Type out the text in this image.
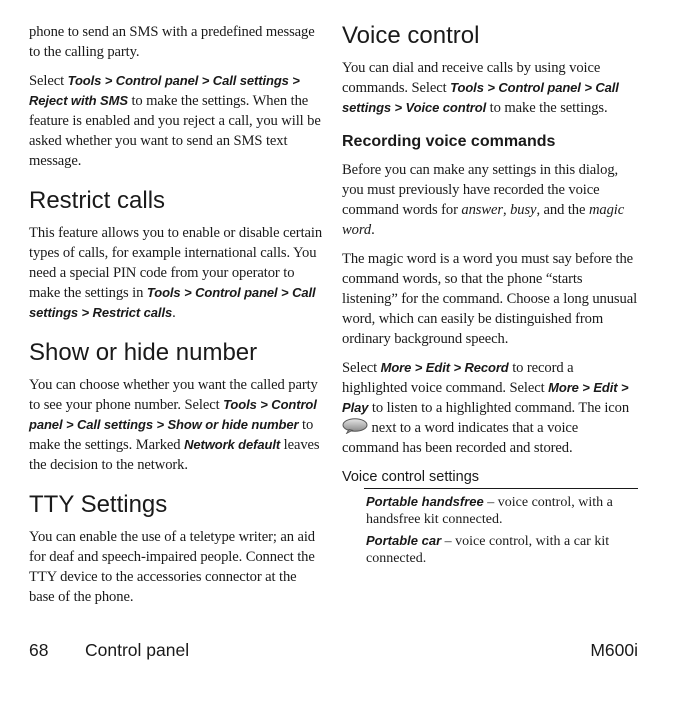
phone to send an SMS with a predefined message to the calling party.

Select Tools > Control panel > Call settings > Reject with SMS to make the settings. When the feature is enabled and you reject a call, you will be asked whether you want to send an SMS text message.

Restrict calls

This feature allows you to enable or disable certain types of calls, for example international calls. You need a special PIN code from your operator to make the settings in Tools > Control panel > Call settings > Restrict calls.

Show or hide number

You can choose whether you want the called party to see your phone number. Select Tools > Control panel > Call settings > Show or hide number to make the settings. Marked Network default leaves the decision to the network.

TTY Settings

You can enable the use of a teletype writer; an aid for deaf and speech-impaired people. Connect the TTY device to the accessories connector at the base of the phone.

Voice control

You can dial and receive calls by using voice commands. Select Tools > Control panel > Call settings > Voice control to make the settings.

Recording voice commands

Before you can make any settings in this dialog, you must previously have recorded the voice command words for answer, busy, and the magic word.

The magic word is a word you must say before the command words, so that the phone “starts listening” for the command. Choose a long unusual word, which can easily be distinguished from ordinary background speech.

Select More > Edit > Record to record a highlighted voice command. Select More > Edit > Play to listen to a highlighted command. The icon  next to a word indicates that a voice command has been recorded and stored.

Voice control settings
Portable handsfree – voice control, with a handsfree kit connected.
Portable car – voice control, with a car kit connected.
68 Control panel	M600i
